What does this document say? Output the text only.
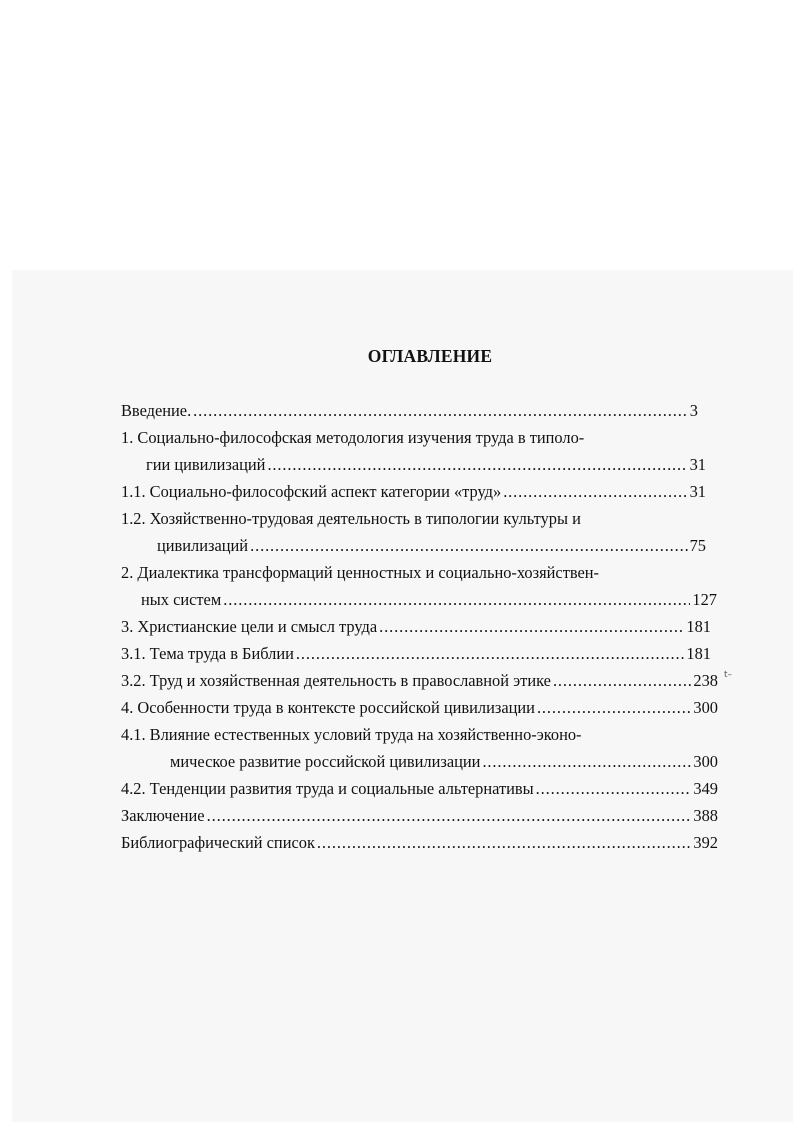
ОГЛАВЛЕНИЕ
Введение. . . .	3
1. Социально-философская методология изучения труда в типоло-
гии цивилизаций . . .	31
1.1. Социально-философский аспект категории «труд» . . .	31
1.2. Хозяйственно-трудовая деятельность в типологии культуры и
цивилизаций . . .	75
2. Диалектика трансформаций ценностных и социально-хозяйствен-
ных систем . . .	127
3. Христианские цели и смысл труда . . .	181
3.1. Тема труда в Библии . . .	181
3.2. Труд и хозяйственная деятельность в православной этике . . .	238 t–
4. Особенности труда в контексте российской цивилизации . . .	300
4.1. Влияние естественных условий труда на хозяйственно-эконо-
мическое развитие российской цивилизации . . .	300
4.2. Тенденции развития труда и социальные альтернативы . . .	349
Заключение . . .	388
Библиографический список . . .	392
